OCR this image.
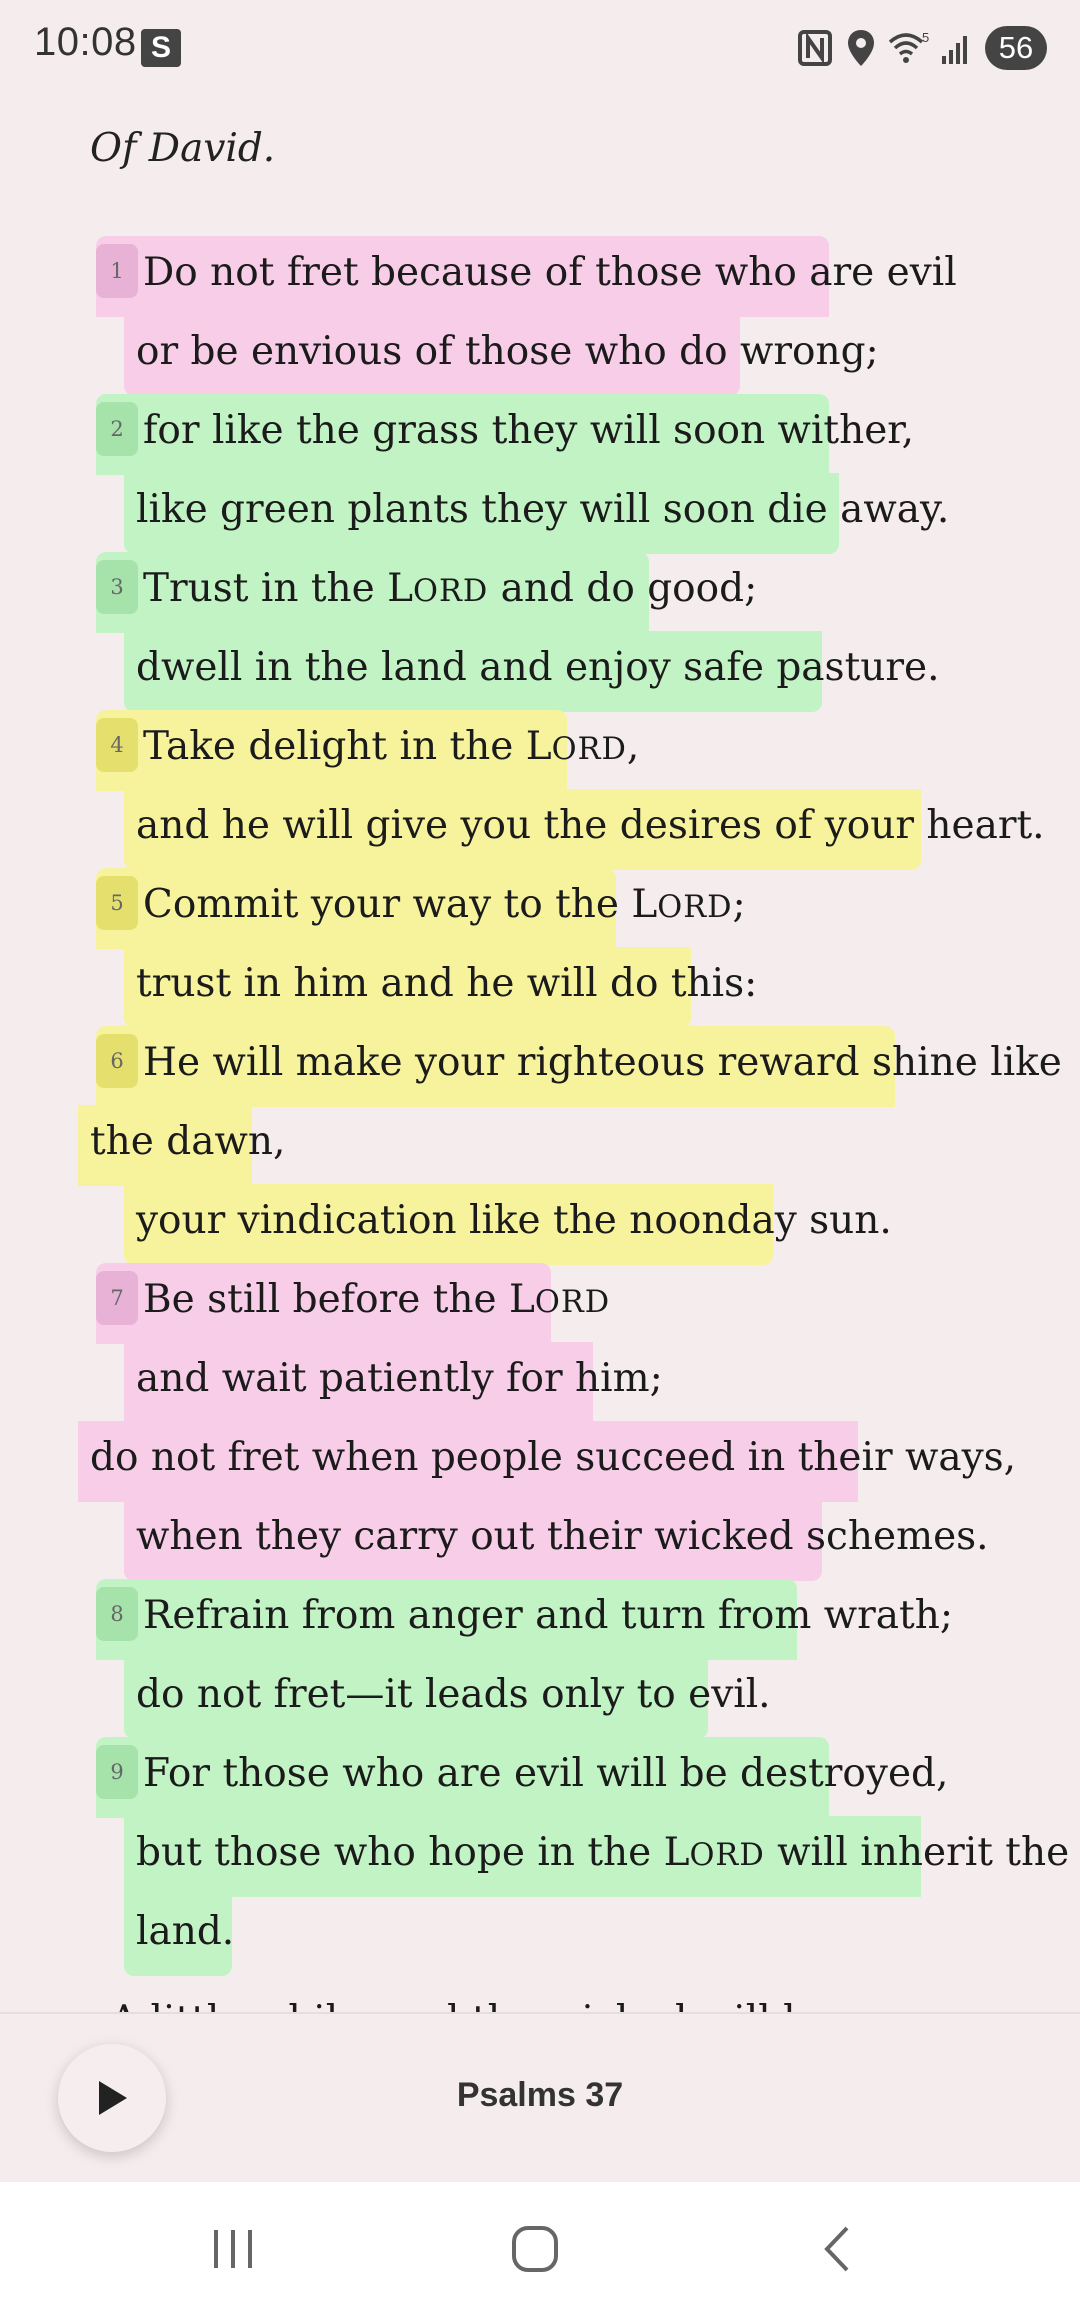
10:08 S	5 56
Of David.
1 Do not fret because of those who are evil
or be envious of those who do wrong;
2 for like the grass they will soon wither,
like green plants they will soon die away.
3 Trust in the LORD and do good;
dwell in the land and enjoy safe pasture.
4 Take delight in the LORD,
and he will give you the desires of your heart.
5 Commit your way to the LORD;
trust in him and he will do this:
6 He will make your righteous reward shine like
the dawn,
your vindication like the noonday sun.
7 Be still before the LORD
and wait patiently for him;
do not fret when people succeed in their ways,
when they carry out their wicked schemes.
8 Refrain from anger and turn from wrath;
do not fret—it leads only to evil.
9 For those who are evil will be destroyed,
but those who hope in the LORD will inherit the
land.
Psalms 37
